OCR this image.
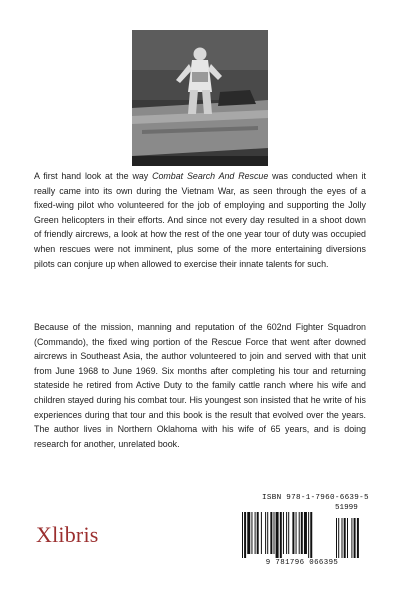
A first hand look at the way Combat Search And Rescue was conducted when it really came into its own during the Vietnam War, as seen through the eyes of a fixed-wing pilot who volunteered for the job of employing and supporting the Jolly Green helicopters in their efforts. And since not every day resulted in a shoot down of friendly aircrews, a look at how the rest of the one year tour of duty was occupied when rescues were not imminent, plus some of the more entertaining diversions pilots can conjure up when allowed to exercise their innate talents for such.

Because of the mission, manning and reputation of the 602nd Fighter Squadron (Commando), the fixed wing portion of the Rescue Force that went after downed aircrews in Southeast Asia, the author volunteered to join and served with that unit from June 1968 to June 1969. Six months after completing his tour and returning stateside he retired from Active Duty to the family cattle ranch where his wife and children stayed during his combat tour. His youngest son insisted that he write of his experiences during that tour and this book is the result that evolved over the years. The author lives in Northern Oklahoma with his wife of 65 years, and is doing research for another, unrelated book.

Xlibris
ISBN 978-1-7960-6639-5
51999
9 781796 066395
